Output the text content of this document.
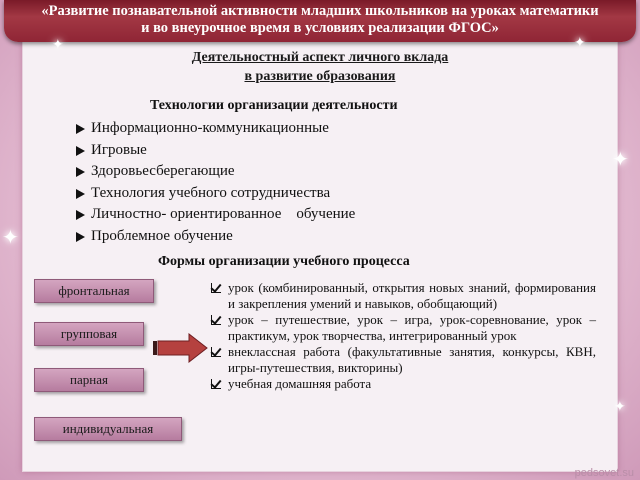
«Развитие познавательной активности младших школьников на уроках математики
и во внеурочное время в условиях реализации ФГОС»
Деятельностный аспект личного вклада
в развитие образования
Технологии организации деятельности
Информационно-коммуникационные
Игровые
Здоровьесберегающие
Технология учебного сотрудничества
Личностно- ориентированное    обучение
Проблемное обучение
Формы организации учебного процесса
фронтальная
групповая
парная
индивидуальная
урок (комбинированный, открытия новых знаний, формирования и закрепления умений и навыков, обобщающий)
урок – путешествие, урок – игра, урок-соревнование, урок – практикум, урок творчества, интегрированный урок
внеклассная работа (факультативные занятия, конкурсы, КВН, игры-путешествия, викторины)
учебная домашняя работа
✦
✦
✦
✦
✦
pedsovet.su
